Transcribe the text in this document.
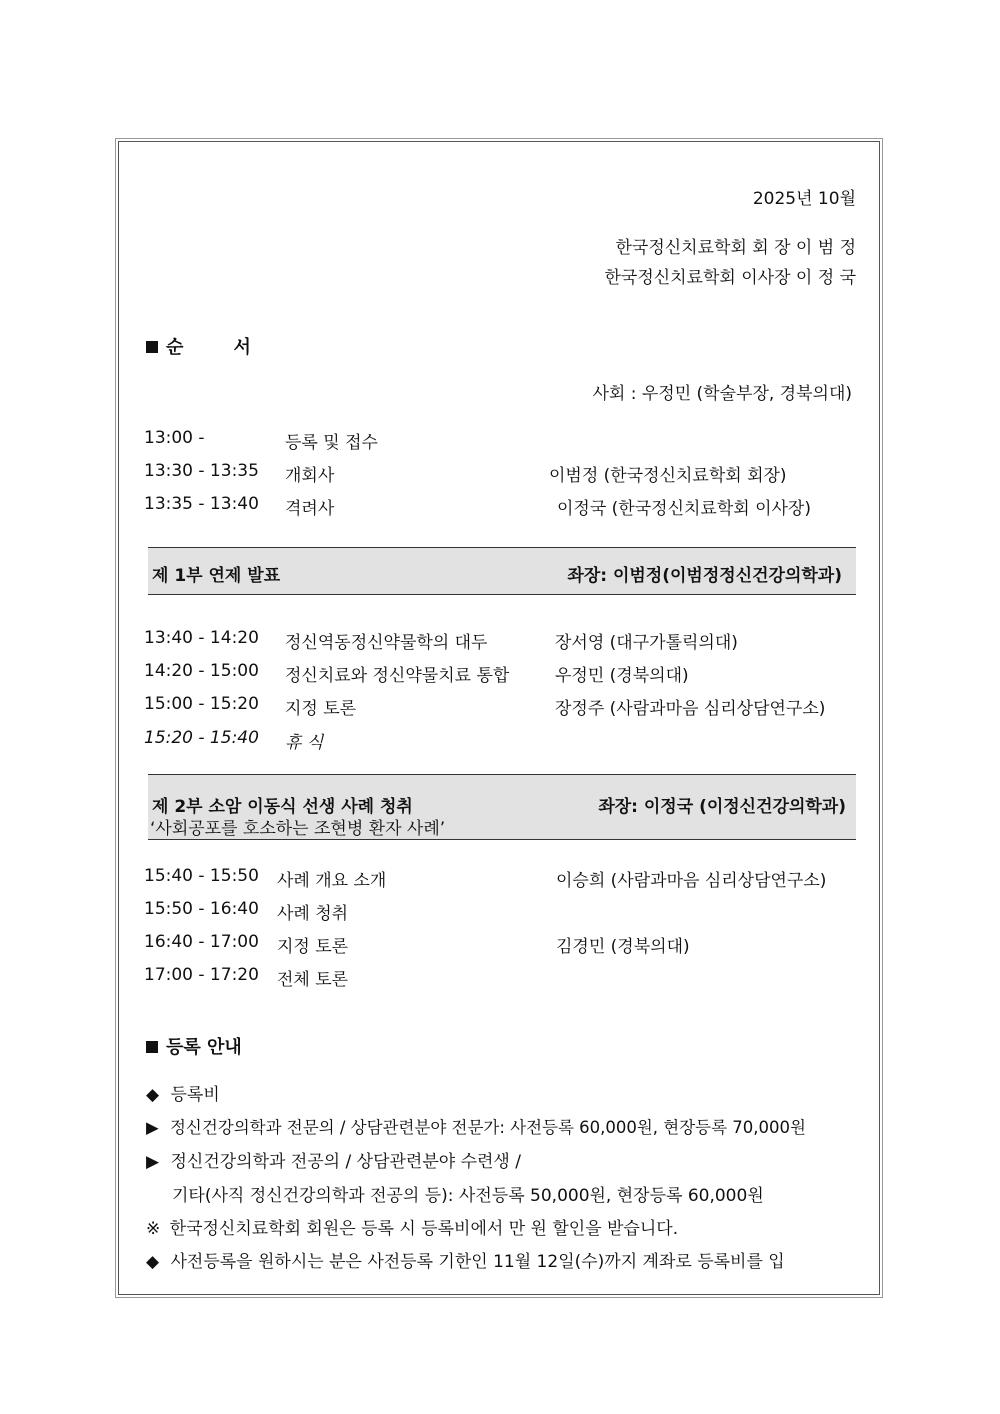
2025년 10월
한국정신치료학회 회 장 이 범 정
한국정신치료학회 이사장 이 정 국
순        서
사회 : 우정민 (학술부장, 경북의대)
13:00 -	등록 및 접수
13:30 - 13:35 개회사	이범정 (한국정신치료학회 회장)
13:35 - 13:40 격려사	이정국 (한국정신치료학회 이사장)
제 1부 연제 발표	좌장: 이범정(이범정정신건강의학과)
13:40 - 14:20 정신역동정신약물학의 대두	장서영 (대구가톨릭의대)
14:20 - 15:00 정신치료와 정신약물치료 통합	우정민 (경북의대)
15:00 - 15:20 지정 토론	장정주 (사람과마음 심리상담연구소)
15:20 - 15:40 휴 식
제 2부 소암 이동식 선생 사례 청취	좌장: 이정국 (이정신건강의학과)
‘사회공포를 호소하는 조현병 환자 사례’
15:40 - 15:50 사례 개요 소개	이승희 (사람과마음 심리상담연구소)
15:50 - 16:40 사례 청취
16:40 - 17:00 지정 토론	김경민 (경북의대)
17:00 - 17:20 전체 토론
등록 안내
◆ 등록비
▶ 정신건강의학과 전문의 / 상담관련분야 전문가: 사전등록 60,000원, 현장등록 70,000원
▶ 정신건강의학과 전공의 / 상담관련분야 수련생 /
기타(사직 정신건강의학과 전공의 등): 사전등록 50,000원, 현장등록 60,000원
※ 한국정신치료학회 회원은 등록 시 등록비에서 만 원 할인을 받습니다.
◆ 사전등록을 원하시는 분은 사전등록 기한인 11월 12일(수)까지 계좌로 등록비를 입
